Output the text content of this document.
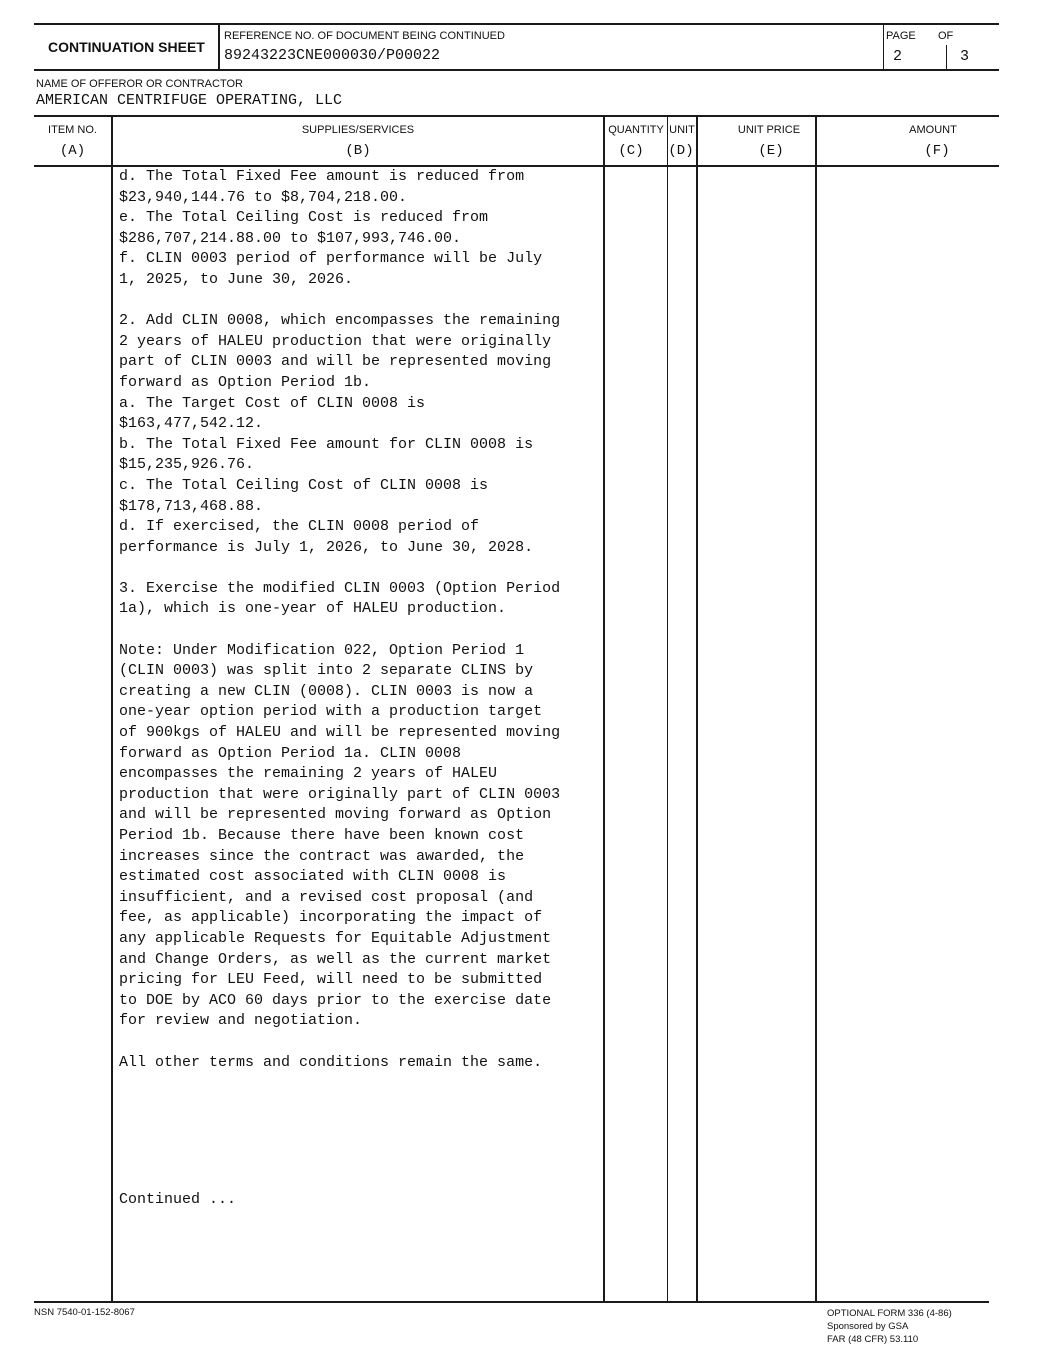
CONTINUATION SHEET
REFERENCE NO. OF DOCUMENT BEING CONTINUED
89243223CNE000030/P00022
PAGE OF
2	3
NAME OF OFFEROR OR CONTRACTOR
AMERICAN CENTRIFUGE OPERATING, LLC
ITEM NO.
(A)
SUPPLIES/SERVICES
(B)
QUANTITY
(C)
UNIT
(D)
UNIT PRICE
(E)
AMOUNT
(F)
d. The Total Fixed Fee amount is reduced from
$23,940,144.76 to $8,704,218.00.
e. The Total Ceiling Cost is reduced from
$286,707,214.88.00 to $107,993,746.00.
f. CLIN 0003 period of performance will be July
1, 2025, to June 30, 2026.
2. Add CLIN 0008, which encompasses the remaining
2 years of HALEU production that were originally
part of CLIN 0003 and will be represented moving
forward as Option Period 1b.
a. The Target Cost of CLIN 0008 is
$163,477,542.12.
b. The Total Fixed Fee amount for CLIN 0008 is
$15,235,926.76.
c. The Total Ceiling Cost of CLIN 0008 is
$178,713,468.88.
d. If exercised, the CLIN 0008 period of
performance is July 1, 2026, to June 30, 2028.
3. Exercise the modified CLIN 0003 (Option Period
1a), which is one-year of HALEU production.
Note: Under Modification 022, Option Period 1
(CLIN 0003) was split into 2 separate CLINS by
creating a new CLIN (0008). CLIN 0003 is now a
one-year option period with a production target
of 900kgs of HALEU and will be represented moving
forward as Option Period 1a. CLIN 0008
encompasses the remaining 2 years of HALEU
production that were originally part of CLIN 0003
and will be represented moving forward as Option
Period 1b. Because there have been known cost
increases since the contract was awarded, the
estimated cost associated with CLIN 0008 is
insufficient, and a revised cost proposal (and
fee, as applicable) incorporating the impact of
any applicable Requests for Equitable Adjustment
and Change Orders, as well as the current market
pricing for LEU Feed, will need to be submitted
to DOE by ACO 60 days prior to the exercise date
for review and negotiation.
All other terms and conditions remain the same.
Continued ...
NSN 7540-01-152-8067	OPTIONAL FORM 336 (4-86)
Sponsored by GSA
FAR (48 CFR) 53.110
